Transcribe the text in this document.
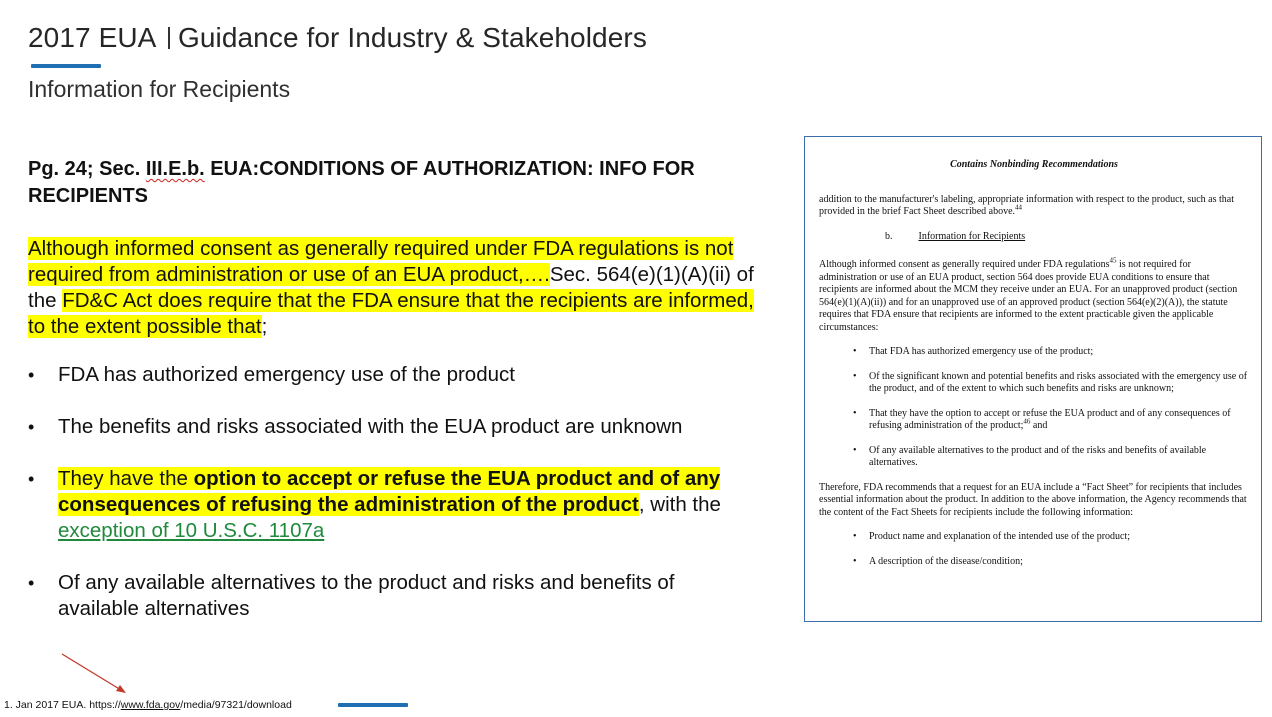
2017 EUA Guidance for Industry & Stakeholders
Information for Recipients

Pg. 24; Sec. III.E.b. EUA:CONDITIONS OF AUTHORIZATION: INFO FOR RECIPIENTS

Although informed consent as generally required under FDA regulations is not required from administration or use of an EUA product,….Sec. 564(e)(1)(A)(ii) of the FD&C Act does require that the FDA ensure that the recipients are informed, to the extent possible that;
• FDA has authorized emergency use of the product
• The benefits and risks associated with the EUA product are unknown
• They have the option to accept or refuse the EUA product and of any consequences of refusing the administration of the product, with the exception of 10 U.S.C. 1107a
• Of any available alternatives to the product and risks and benefits of available alternatives
Contains Nonbinding Recommendations

addition to the manufacturer's labeling, appropriate information with respect to the product, such as that provided in the brief Fact Sheet described above.$^{44}$

b.	Information for Recipients

Although informed consent as generally required under FDA regulations$^{45}$ is not required for administration or use of an EUA product, section 564 does provide EUA conditions to ensure that recipients are informed about the MCM they receive under an EUA. For an unapproved product (section 564(e)(1)(A)(ii)) and for an unapproved use of an approved product (section 564(e)(2)(A)), the statute requires that FDA ensure that recipients are informed to the extent practicable given the applicable circumstances:

• That FDA has authorized emergency use of the product;
• Of the significant known and potential benefits and risks associated with the emergency use of the product, and of the extent to which such benefits and risks are unknown;
• That they have the option to accept or refuse the EUA product and of any consequences of refusing administration of the product;$^{46}$ and
• Of any available alternatives to the product and of the risks and benefits of available alternatives.

Therefore, FDA recommends that a request for an EUA include a “Fact Sheet” for recipients that includes essential information about the product. In addition to the above information, the Agency recommends that the content of the Fact Sheets for recipients include the following information:

• Product name and explanation of the intended use of the product;
• A description of the disease/condition;
1. Jan 2017 EUA. https://www.fda.gov/media/97321/download
